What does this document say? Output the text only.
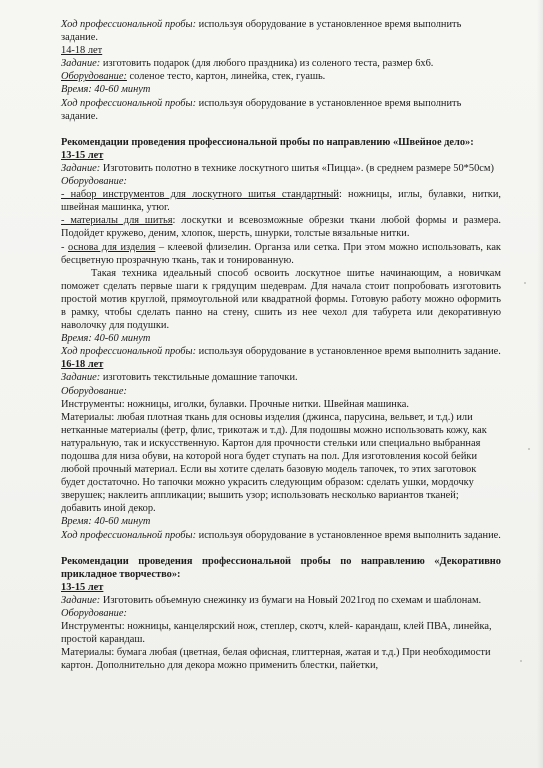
Ход профессиональной пробы: используя оборудование в установленное время выполнить

задание.

14-18 лет

Задание: изготовить подарок (для любого праздника) из соленого теста, размер 6х6.

Оборудование: соленое тесто, картон, линейка, стек, гуашь.

Время: 40-60 минут

Ход профессиональной пробы: используя оборудование в установленное время выполнить

задание.

Рекомендации проведения профессиональной пробы по направлению «Швейное дело»:

13-15 лет

Задание: Изготовить полотно в технике лоскутного шитья «Пицца». (в среднем размере 50*50см)

Оборудование:

- набор инструментов для лоскутного шитья стандартный: ножницы, иглы, булавки, нитки, швейная машинка, утюг.

- материалы для шитья: лоскутки и всевозможные обрезки ткани любой формы и размера. Подойдет кружево, деним, хлопок, шерсть, шнурки, толстые вязальные нитки.

- основа для изделия – клеевой флизелин. Органза или сетка. При этом можно использовать, как бесцветную прозрачную ткань, так и тонированную.

Такая техника идеальный способ освоить лоскутное шитье начинающим, а новичкам поможет сделать первые шаги к грядущим шедеврам. Для начала стоит попробовать изготовить простой мотив круглой, прямоугольной или квадратной формы. Готовую работу можно оформить в рамку, чтобы сделать панно на стену, сшить из нее чехол для табурета или декоративную наволочку для подушки.

Время: 40-60 минут

Ход профессиональной пробы: используя оборудование в установленное время выполнить задание.

16-18 лет

Задание: изготовить текстильные домашние тапочки.

Оборудование:

Инструменты: ножницы, иголки, булавки. Прочные нитки. Швейная машинка.

Материалы: любая плотная ткань для основы изделия (джинса, парусина, вельвет, и т.д.) или нетканные материалы (фетр, флис, трикотаж и т.д). Для подошвы можно использовать кожу, как натуральную, так и искусственную. Картон для прочности стельки или специально выбранная подошва для низа обуви, на которой нога будет ступать на пол. Для изготовления косой бейки любой прочный материал. Если вы хотите сделать базовую модель тапочек, то этих заготовок будет достаточно. Но тапочки можно украсить следующим образом: сделать ушки, мордочку зверушек; наклеить аппликации; вышить узор; использовать несколько вариантов тканей; добавить иной декор.

Время: 40-60 минут

Ход профессиональной пробы: используя оборудование в установленное время выполнить задание.

Рекомендации проведения профессиональной пробы по направлению «Декоративно прикладное творчество»:

13-15 лет

Задание: Изготовить объемную снежинку из бумаги на Новый 2021год по схемам и шаблонам.

Оборудование:

Инструменты: ножницы, канцелярский нож, степлер, скотч, клей- карандаш, клей ПВА, линейка, простой карандаш.

Материалы: бумага любая (цветная, белая офисная, глиттерная, жатая и т.д.) При необходимости картон. Дополнительно для декора можно применить блестки, пайетки,
